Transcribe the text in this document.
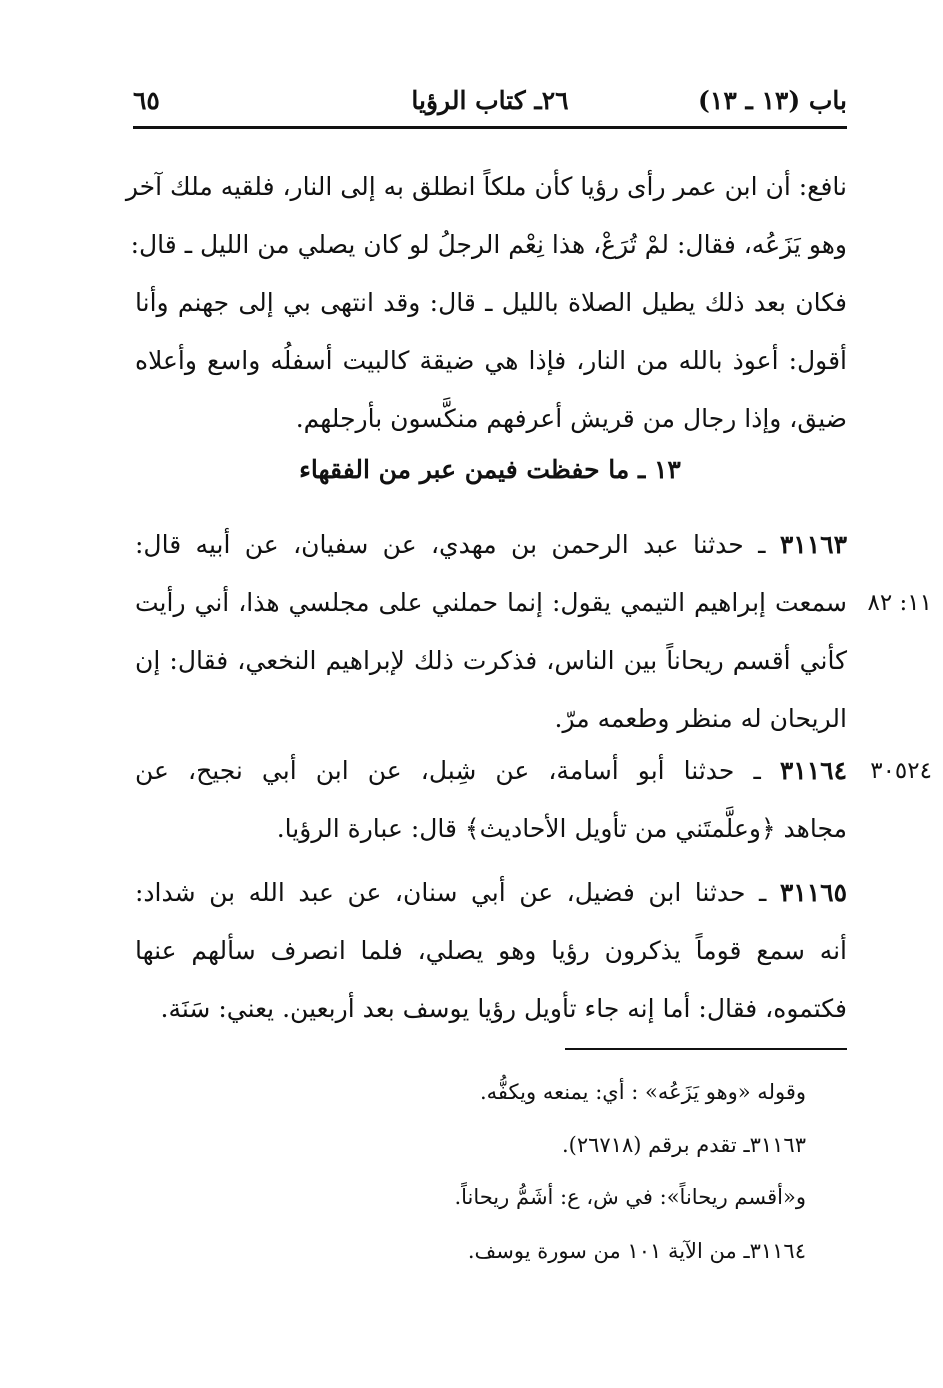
باب (١٣ ـ ١٣)
٢٦ـ كتاب الرؤيا
٦٥
نافع: أن ابن عمر رأى رؤيا كأن ملكاً انطلق به إلى النار، فلقيه ملك آخر
وهو يَزَعُه، فقال: لمْ تُرَعْ، هذا نِعْم الرجلُ لو كان يصلي من الليل ـ قال:
فكان بعد ذلك يطيل الصلاة بالليل ـ قال: وقد انتهى بي إلى جهنم وأنا
أقول: أعوذ بالله من النار، فإذا هي ضيقة كالبيت أسفلُه واسع وأعلاه
ضيق، وإذا رجال من قريش أعرفهم منكَّسون بأرجلهم.
١٣ ـ ما حفظت فيمن عبر من الفقهاء
٣١١٦٣ ـ حدثنا عبد الرحمن بن مهدي، عن سفيان، عن أبيه قال:
سمعت إبراهيم التيمي يقول: إنما حملني على مجلسي هذا، أني رأيت
كأني أقسم ريحاناً بين الناس، فذكرت ذلك لإبراهيم النخعي، فقال: إن
الريحان له منظر وطعمه مرّ.
١١: ٨٢
٣١١٦٤ ـ حدثنا أبو أسامة، عن شِبل، عن ابن أبي نجيح، عن
مجاهد ﴿وعلَّمتَني من تأويل الأحاديث﴾ قال: عبارة الرؤيا.
٣٠٥٢٤
٣١١٦٥ ـ حدثنا ابن فضيل، عن أبي سنان، عن عبد الله بن شداد:
أنه سمع قوماً يذكرون رؤيا وهو يصلي، فلما انصرف سألهم عنها
فكتموه، فقال: أما إنه جاء تأويل رؤيا يوسف بعد أربعين. يعني: سَنَة.
وقوله «وهو يَزَعُه» : أي: يمنعه ويكفُّه.
٣١١٦٣ـ تقدم برقم (٢٦٧١٨).
و«أقسم ريحاناً»: في ش، ع: أشَمُّ ريحاناً.
٣١١٦٤ـ من الآية ١٠١ من سورة يوسف.
